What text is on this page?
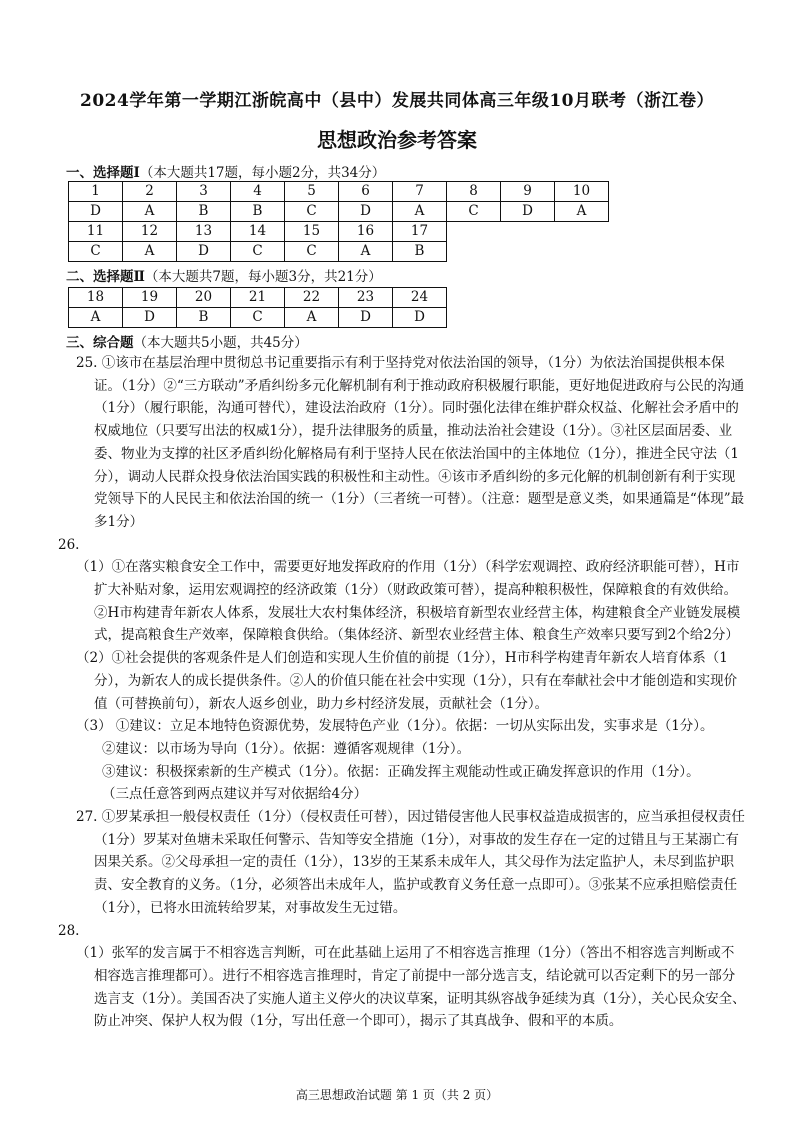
2024学年第一学期江浙皖高中（县中）发展共同体高三年级10月联考（浙江卷）
思想政治参考答案
一、选择题Ⅰ（本大题共17题，每小题2分，共34分）
1	2	3	4	5	6	7	8	9	10
D	A	B	B	C	D	A	C	D	A
11	12	13	14	15	16	17			
C	A	D	C	C	A	B			
二、选择题Ⅱ（本大题共7题，每小题3分，共21分）
18	19	20	21	22	23	24
A	D	B	C	A	D	D
三、综合题（本大题共5小题，共45分）

25. ①该市在基层治理中贯彻总书记重要指示有利于坚持党对依法治国的领导，（1分）为依法治国提供根本保证。（1分）②“三方联动”矛盾纠纷多元化解机制有利于推动政府积极履行职能，更好地促进政府与公民的沟通（1分）（履行职能，沟通可替代），建设法治政府（1分）。同时强化法律在维护群众权益、化解社会矛盾中的权威地位（只要写出法的权威1分），提升法律服务的质量，推动法治社会建设（1分）。③社区层面居委、业委、物业为支撑的社区矛盾纠纷化解格局有利于坚持人民在依法治国中的主体地位（1分），推进全民守法（1分），调动人民群众投身依法治国实践的积极性和主动性。④该市矛盾纠纷的多元化解的机制创新有利于实现党领导下的人民民主和依法治国的统一（1分）（三者统一可替）。（注意：题型是意义类，如果通篇是“体现”最多1分）

26.

（1）①在落实粮食安全工作中，需要更好地发挥政府的作用（1分）（科学宏观调控、政府经济职能可替），H市扩大补贴对象，运用宏观调控的经济政策（1分）（财政政策可替），提高种粮积极性，保障粮食的有效供给。②H市构建青年新农人体系，发展壮大农村集体经济，积极培育新型农业经营主体，构建粮食全产业链发展模式，提高粮食生产效率，保障粮食供给。（集体经济、新型农业经营主体、粮食生产效率只要写到2个给2分）

（2）①社会提供的客观条件是人们创造和实现人生价值的前提（1分），H市科学构建青年新农人培育体系（1分），为新农人的成长提供条件。②人的价值只能在社会中实现（1分），只有在奉献社会中才能创造和实现价值（可替换前句），新农人返乡创业，助力乡村经济发展，贡献社会（1分）。

（3） ①建议：立足本地特色资源优势，发展特色产业（1分）。依据：一切从实际出发，实事求是（1分）。

②建议：以市场为导向（1分）。依据：遵循客观规律（1分）。

③建议：积极探索新的生产模式（1分）。依据：正确发挥主观能动性或正确发挥意识的作用（1分）。

（三点任意答到两点建议并写对依据给4分）

27. ①罗某承担一般侵权责任（1分）（侵权责任可替），因过错侵害他人民事权益造成损害的，应当承担侵权责任（1分）罗某对鱼塘未采取任何警示、告知等安全措施（1分），对事故的发生存在一定的过错且与王某溺亡有因果关系。②父母承担一定的责任（1分），13岁的王某系未成年人，其父母作为法定监护人，未尽到监护职责、安全教育的义务。（1分，必须答出未成年人，监护或教育义务任意一点即可）。③张某不应承担赔偿责任（1分），已将水田流转给罗某，对事故发生无过错。

28.

（1）张军的发言属于不相容选言判断，可在此基础上运用了不相容选言推理（1分）（答出不相容选言判断或不相容选言推理都可）。进行不相容选言推理时，肯定了前提中一部分选言支，结论就可以否定剩下的另一部分选言支（1分）。美国否决了实施人道主义停火的决议草案，证明其纵容战争延续为真（1分），关心民众安全、防止冲突、保护人权为假（1分，写出任意一个即可），揭示了其真战争、假和平的本质。

高三思想政治试题 第 1 页（共 2 页）
